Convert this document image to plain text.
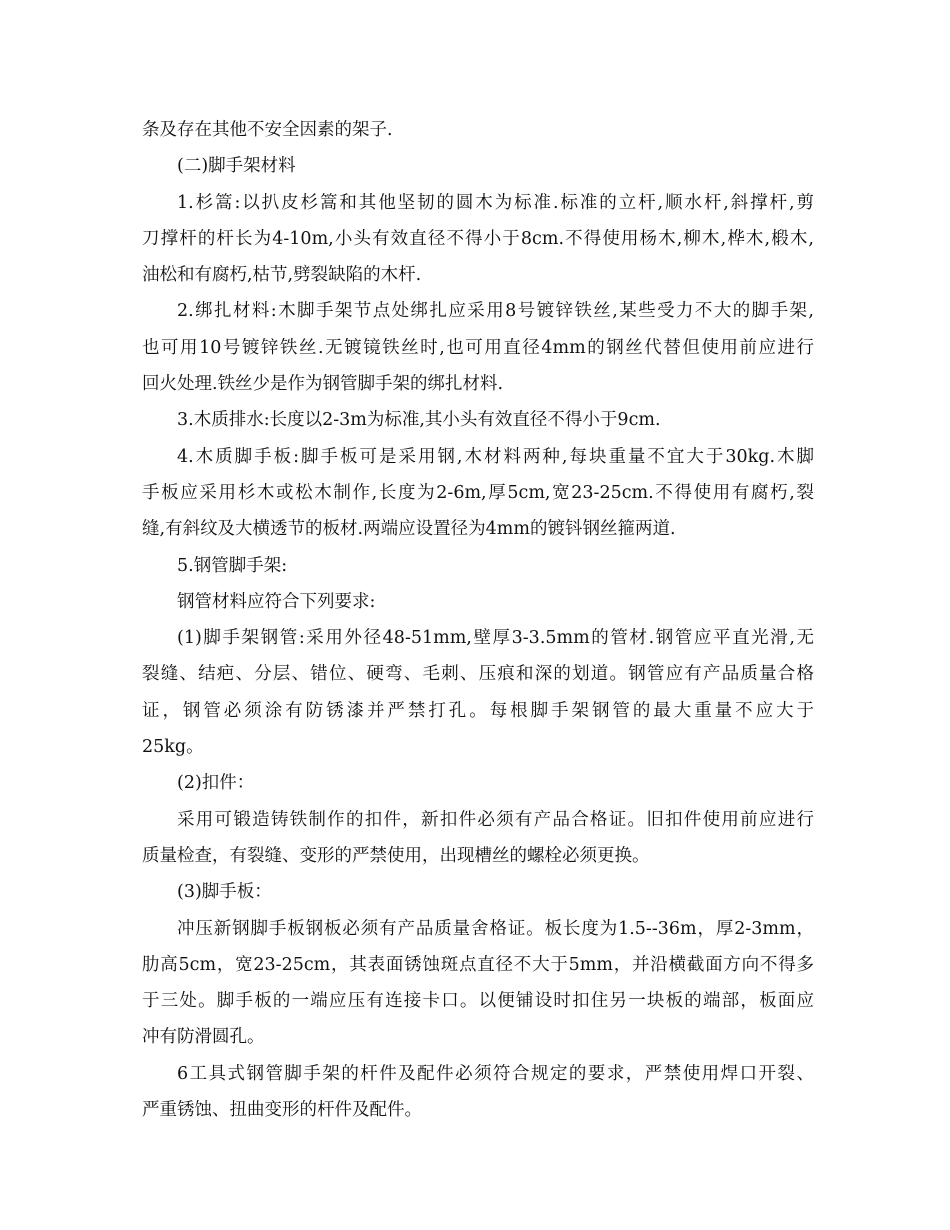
条及存在其他不安全因素的架子.
(二)脚手架材料
1.杉篙:以扒皮杉篙和其他坚韧的圆木为标准.标准的立杆,顺水杆,斜撑杆,剪
刀撑杆的杆长为4-10m,小头有效直径不得小于8cm.不得使用杨木,柳木,桦木,椴木,
油松和有腐朽,枯节,劈裂缺陷的木杆.
2.绑扎材料:木脚手架节点处绑扎应采用8号镀锌铁丝,某些受力不大的脚手架,
也可用10号镀锌铁丝.无镀镜铁丝时,也可用直径4mm的钢丝代替但使用前应进行
回火处理.铁丝少是作为钢管脚手架的绑扎材料.
3.木质排水:长度以2-3m为标准,其小头有效直径不得小于9cm.
4.木质脚手板:脚手板可是采用钢,木材料两种,每块重量不宜大于30kg.木脚
手板应采用杉木或松木制作,长度为2-6m,厚5cm,宽23-25cm.不得使用有腐朽,裂
缝,有斜纹及大横透节的板材.两端应设置径为4mm的镀钭钢丝箍两道.
5.钢管脚手架:
钢管材料应符合下列要求:
(1)脚手架钢管:采用外径48-51mm,壁厚3-3.5mm的管材.钢管应平直光滑,无
裂缝、结疤、分层、错位、硬弯、毛刺、压痕和深的划道。钢管应有产品质量合格
证，钢管必须涂有防锈漆并严禁打孔。每根脚手架钢管的最大重量不应大于
25kg。
(2)扣件：
采用可锻造铸铁制作的扣件，新扣件必须有产品合格证。旧扣件使用前应进行
质量检查，有裂缝、变形的严禁使用，出现槽丝的螺栓必须更换。
(3)脚手板：
冲压新钢脚手板钢板必须有产品质量舍格证。板长度为1.5--36m，厚2-3mm，
肋高5cm，宽23-25cm，其表面锈蚀斑点直径不大于5mm，并沿横截面方向不得多
于三处。脚手板的一端应压有连接卡口。以便铺设时扣住另一块板的端部，板面应
冲有防滑圆孔。
6工具式钢管脚手架的杆件及配件必须符合规定的要求，严禁使用焊口开裂、
严重锈蚀、扭曲变形的杆件及配件。
